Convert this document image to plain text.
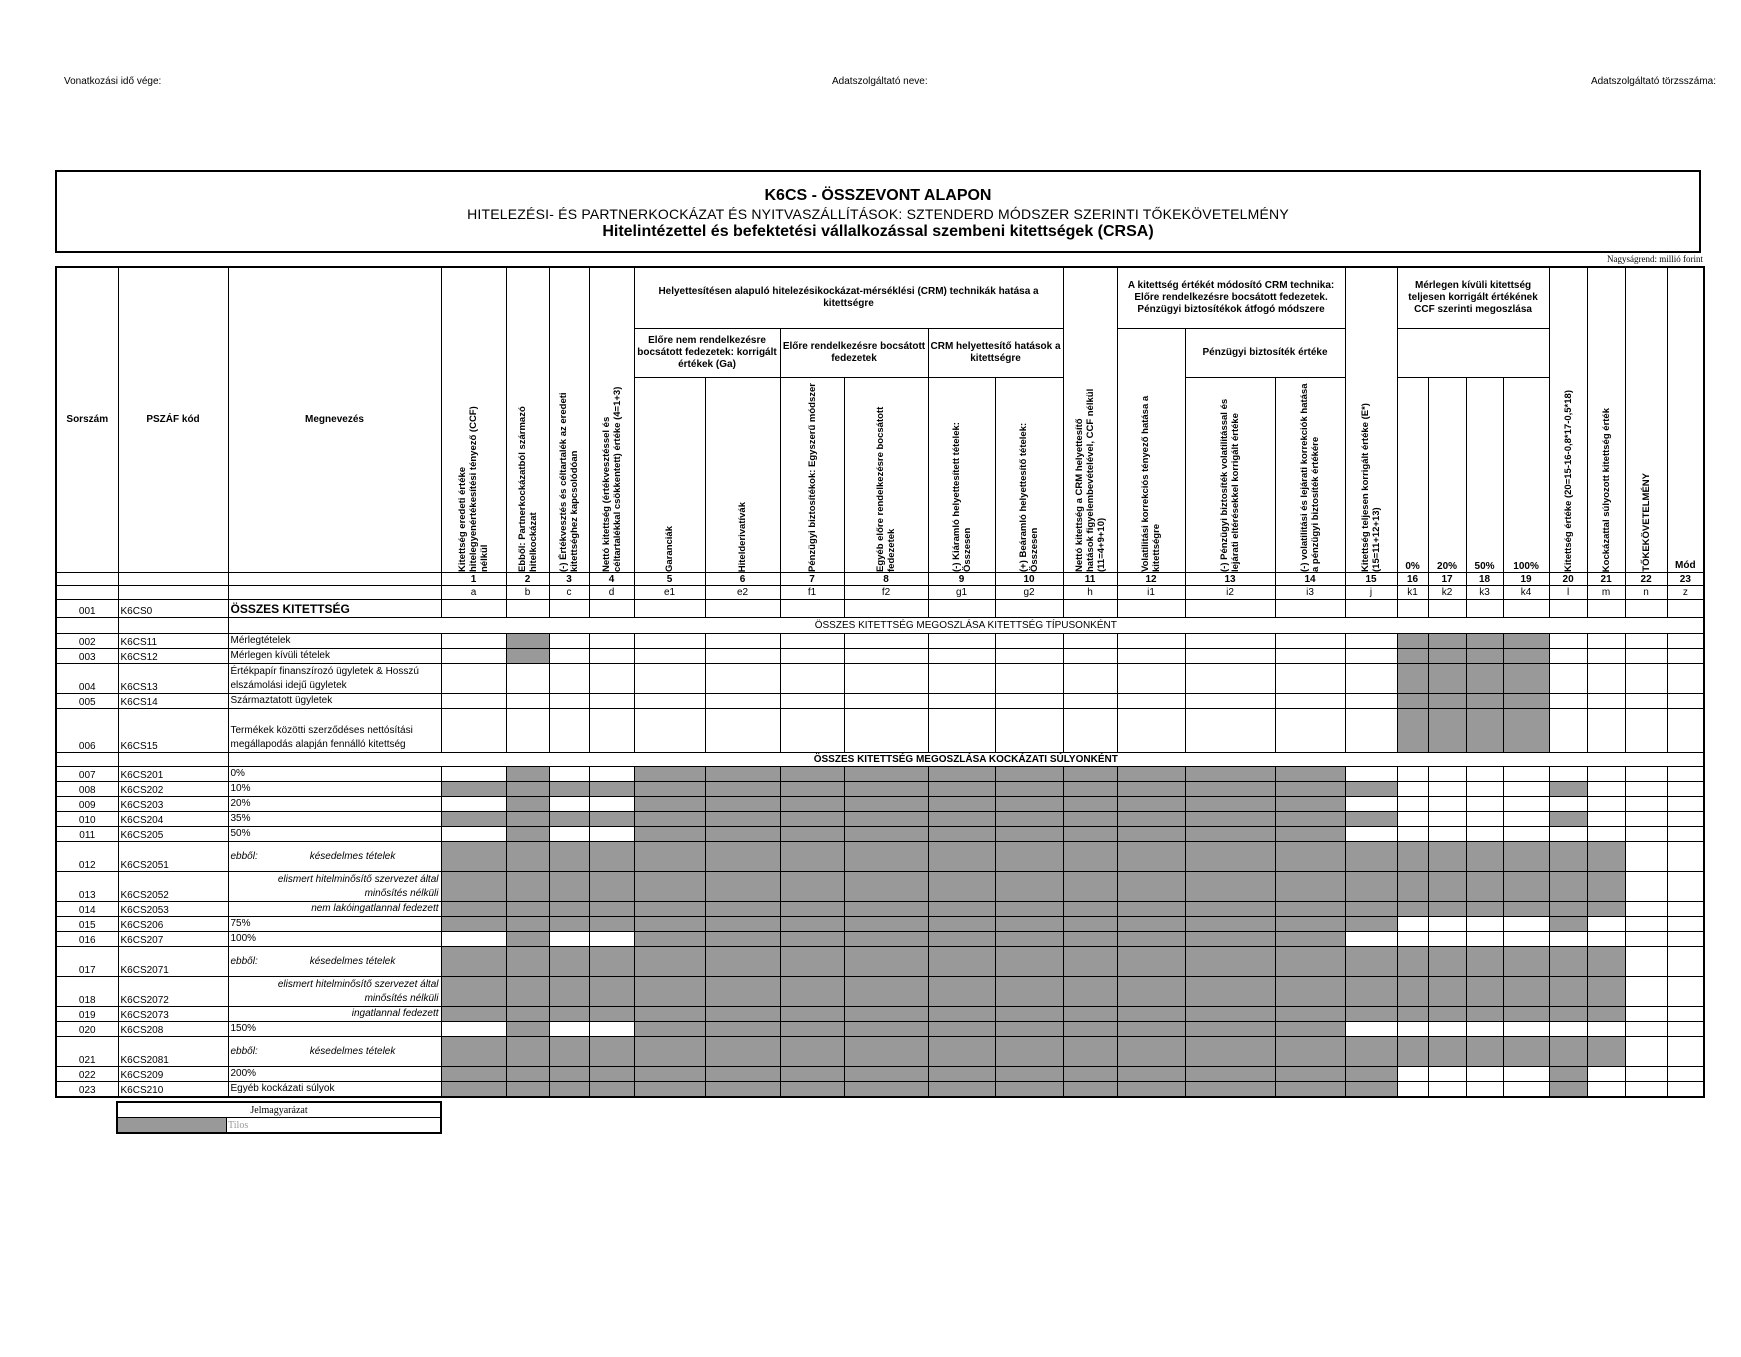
Vonatkozási idő vége:	Adatszolgáltató neve:	Adatszolgáltató törzsszáma:
K6CS - ÖSSZEVONT ALAPON
HITELEZÉSI- ÉS PARTNERKOCKÁZAT ÉS NYITVASZÁLLÍTÁSOK: SZTENDERD MÓDSZER SZERINTI TŐKEKÖVETELMÉNY
Hitelintézettel és befektetési vállalkozással szembeni kitettségek (CRSA)
Nagyságrend: millió forint
Sorszám	PSZÁF kód	Megnevezés	Kitettség eredeti értéke hitelegyenértékesítési tényező (CCF) nélkül	Ebből: Partnerkockázatból származó hitelkockázat	(-) Értékvesztés és céltartalék az eredeti kitettséghez kapcsolódóan	Nettó kitettség (értékvesztéssel és céltartalékkal csökkentett) értéke (4=1+3)	Helyettesítésen alapuló hitelezésikockázat-mérséklési (CRM) technikák hatása a kitettségre						Nettó kitettség a CRM helyettesítő hatások figyelembevételével, CCF nélkül (11=4+9+10)	A kitettség értékét módosító CRM technika: Előre rendelkezésre bocsátott fedezetek. Pénzügyi biztosítékok átfogó módszere			Kitettség teljesen korrigált értéke (E*) (15=11+12+13)	Mérlegen kívüli kitettség teljesen korrigált értékének CCF szerinti megoszlása				Kitettség értéke (20=15-16-0,8*17-0,5*18)	Kockázattal súlyozott kitettség érték	TŐKEKÖVETELMÉNY	Mód
							Előre nem rendelkezésre bocsátott fedezetek: korrigált értékek (Ga)		Előre rendelkezésre bocsátott fedezetek		CRM helyettesítő hatások a kitettségre			Volatilitási korrekciós tényező hatása a kitettségre	Pénzügyi biztosíték értéke										

							Garanciák	Hitelderivatívák	Pénzügyi biztosítékok: Egyszerű módszer	Egyéb előre rendelkezésre bocsátott fedezetek	(-) Kiáramló helyettesített tételek: Összesen	(+) Beáramló helyettesítő tételek: Összesen			(-) Pénzügyi biztosíték volatilitással és lejárati eltérésekkel korrigált értéke	(-) volatilitási és lejárati korrekciók hatása a pénzügyi biztosíték értékére		0%	20%	50%	100%				
			1	2	3	4	5	6	7	8	9	10	11	12	13	14	15	16	17	18	19	20	21	22	23
			a	b	c	d	e1	e2	f1	f2	g1	g2	h	i1	i2	i3	j	k1	k2	k3	k4	l	m	n	z
001	K6CS0	ÖSSZES KITETTSÉG																							
		ÖSSZES KITETTSÉG MEGOSZLÁSA KITETTSÉG TÍPUSONKÉNT																							
002	K6CS11	Mérlegtételek																							
003	K6CS12	Mérlegen kívüli tételek																							
004	K6CS13	Értékpapír finanszírozó ügyletek & Hosszú elszámolási idejű ügyletek																							
005	K6CS14	Származtatott ügyletek																							
006	K6CS15	Termékek közötti szerződéses nettósítási megállapodás alapján fennálló kitettség																							
		ÖSSZES KITETTSÉG MEGOSZLÁSA KOCKÁZATI SÚLYONKÉNT																							
007	K6CS201	0%																							
008	K6CS202	10%																							
009	K6CS203	20%																							
010	K6CS204	35%																							
011	K6CS205	50%																							
012	K6CS2051	ebből: késedelmes tételek																							
013	K6CS2052	elismert hitelminősítő szervezet által
minősítés nélküli																							

014	K6CS2053	nem lakóingatlannal fedezett																							
015	K6CS206	75%																							
016	K6CS207	100%																							
017	K6CS2071	ebből: késedelmes tételek																							
018	K6CS2072	elismert hitelminősítő szervezet által
minősítés nélküli																							

019	K6CS2073	ingatlannal fedezett																							
020	K6CS208	150%																							
021	K6CS2081	ebből: késedelmes tételek																							
022	K6CS209	200%																							
023	K6CS210	Egyéb kockázati súlyok																							
Jelmagyarázat
	Tilos
